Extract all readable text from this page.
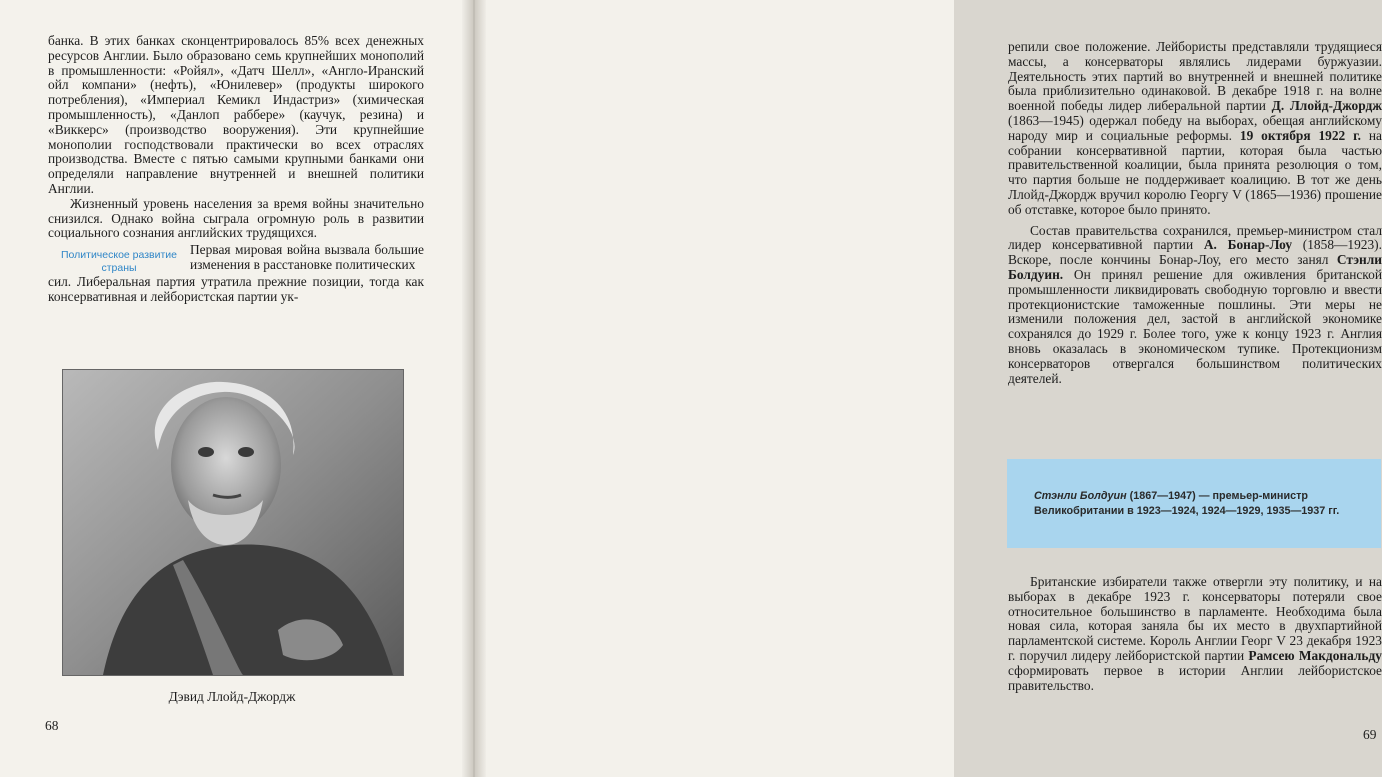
банка. В этих банках сконцентрировалось 85% всех денежных ресурсов Англии. Было образовано семь крупнейших монополий в промышленности: «Ройял», «Датч Шелл», «Англо-Иранский ойл компани» (нефть), «Юнилевер» (продукты широкого потребления), «Империал Кемикл Индастриз» (химическая промышленность), «Данлоп раббере» (каучук, резина) и «Виккерс» (производство вооружения). Эти крупнейшие монополии господствовали практически во всех отраслях производства. Вместе с пятью самыми крупными банками они определяли направление внутренней и внешней политики Англии.

Жизненный уровень населения за время войны значительно снизился. Однако война сыграла огромную роль в развитии социального сознания английских трудящихся.

Политическое развитие страны
Первая мировая война вызвала большие изменения в расстановке политических

сил. Либеральная партия утратила прежние позиции, тогда как консервативная и лейбористская партии ук-

Дэвид Ллойд-Джордж
68

репили свое положение. Лейбористы представляли трудящиеся массы, а консерваторы являлись лидерами буржуазии. Деятельность этих партий во внутренней и внешней политике была приблизительно одинаковой. В декабре 1918 г. на волне военной победы лидер либеральной партии Д. Ллойд-Джордж (1863—1945) одержал победу на выборах, обещая английскому народу мир и социальные реформы. 19 октября 1922 г. на собрании консервативной партии, которая была частью правительственной коалиции, была принята резолюция о том, что партия больше не поддерживает коалицию. В тот же день Ллойд-Джордж вручил королю Георгу V (1865—1936) прошение об отставке, которое было принято.

Состав правительства сохранился, премьер-министром стал лидер консервативной партии А. Бонар-Лоу (1858—1923). Вскоре, после кончины Бонар-Лоу, его место занял Стэнли Болдуин. Он принял решение для оживления британской промышленности ликвидировать свободную торговлю и ввести протекционистские таможенные пошлины. Эти меры не изменили положения дел, застой в английской экономике сохранялся до 1929 г. Более того, уже к концу 1923 г. Англия вновь оказалась в экономическом тупике. Протекционизм консерваторов отвергался большинством политических деятелей.

Стэнли Болдуин (1867—1947) — премьер-министр Великобритании в 1923—1924, 1924—1929, 1935—1937 гг.

Британские избиратели также отвергли эту политику, и на выборах в декабре 1923 г. консерваторы потеряли свое относительное большинство в парламенте. Необходима была новая сила, которая заняла бы их место в двухпартийной парламентской системе. Король Англии Георг V 23 декабря 1923 г. поручил лидеру лейбористской партии Рамсею Макдональду сформировать первое в истории Англии лейбористское правительство.

69
